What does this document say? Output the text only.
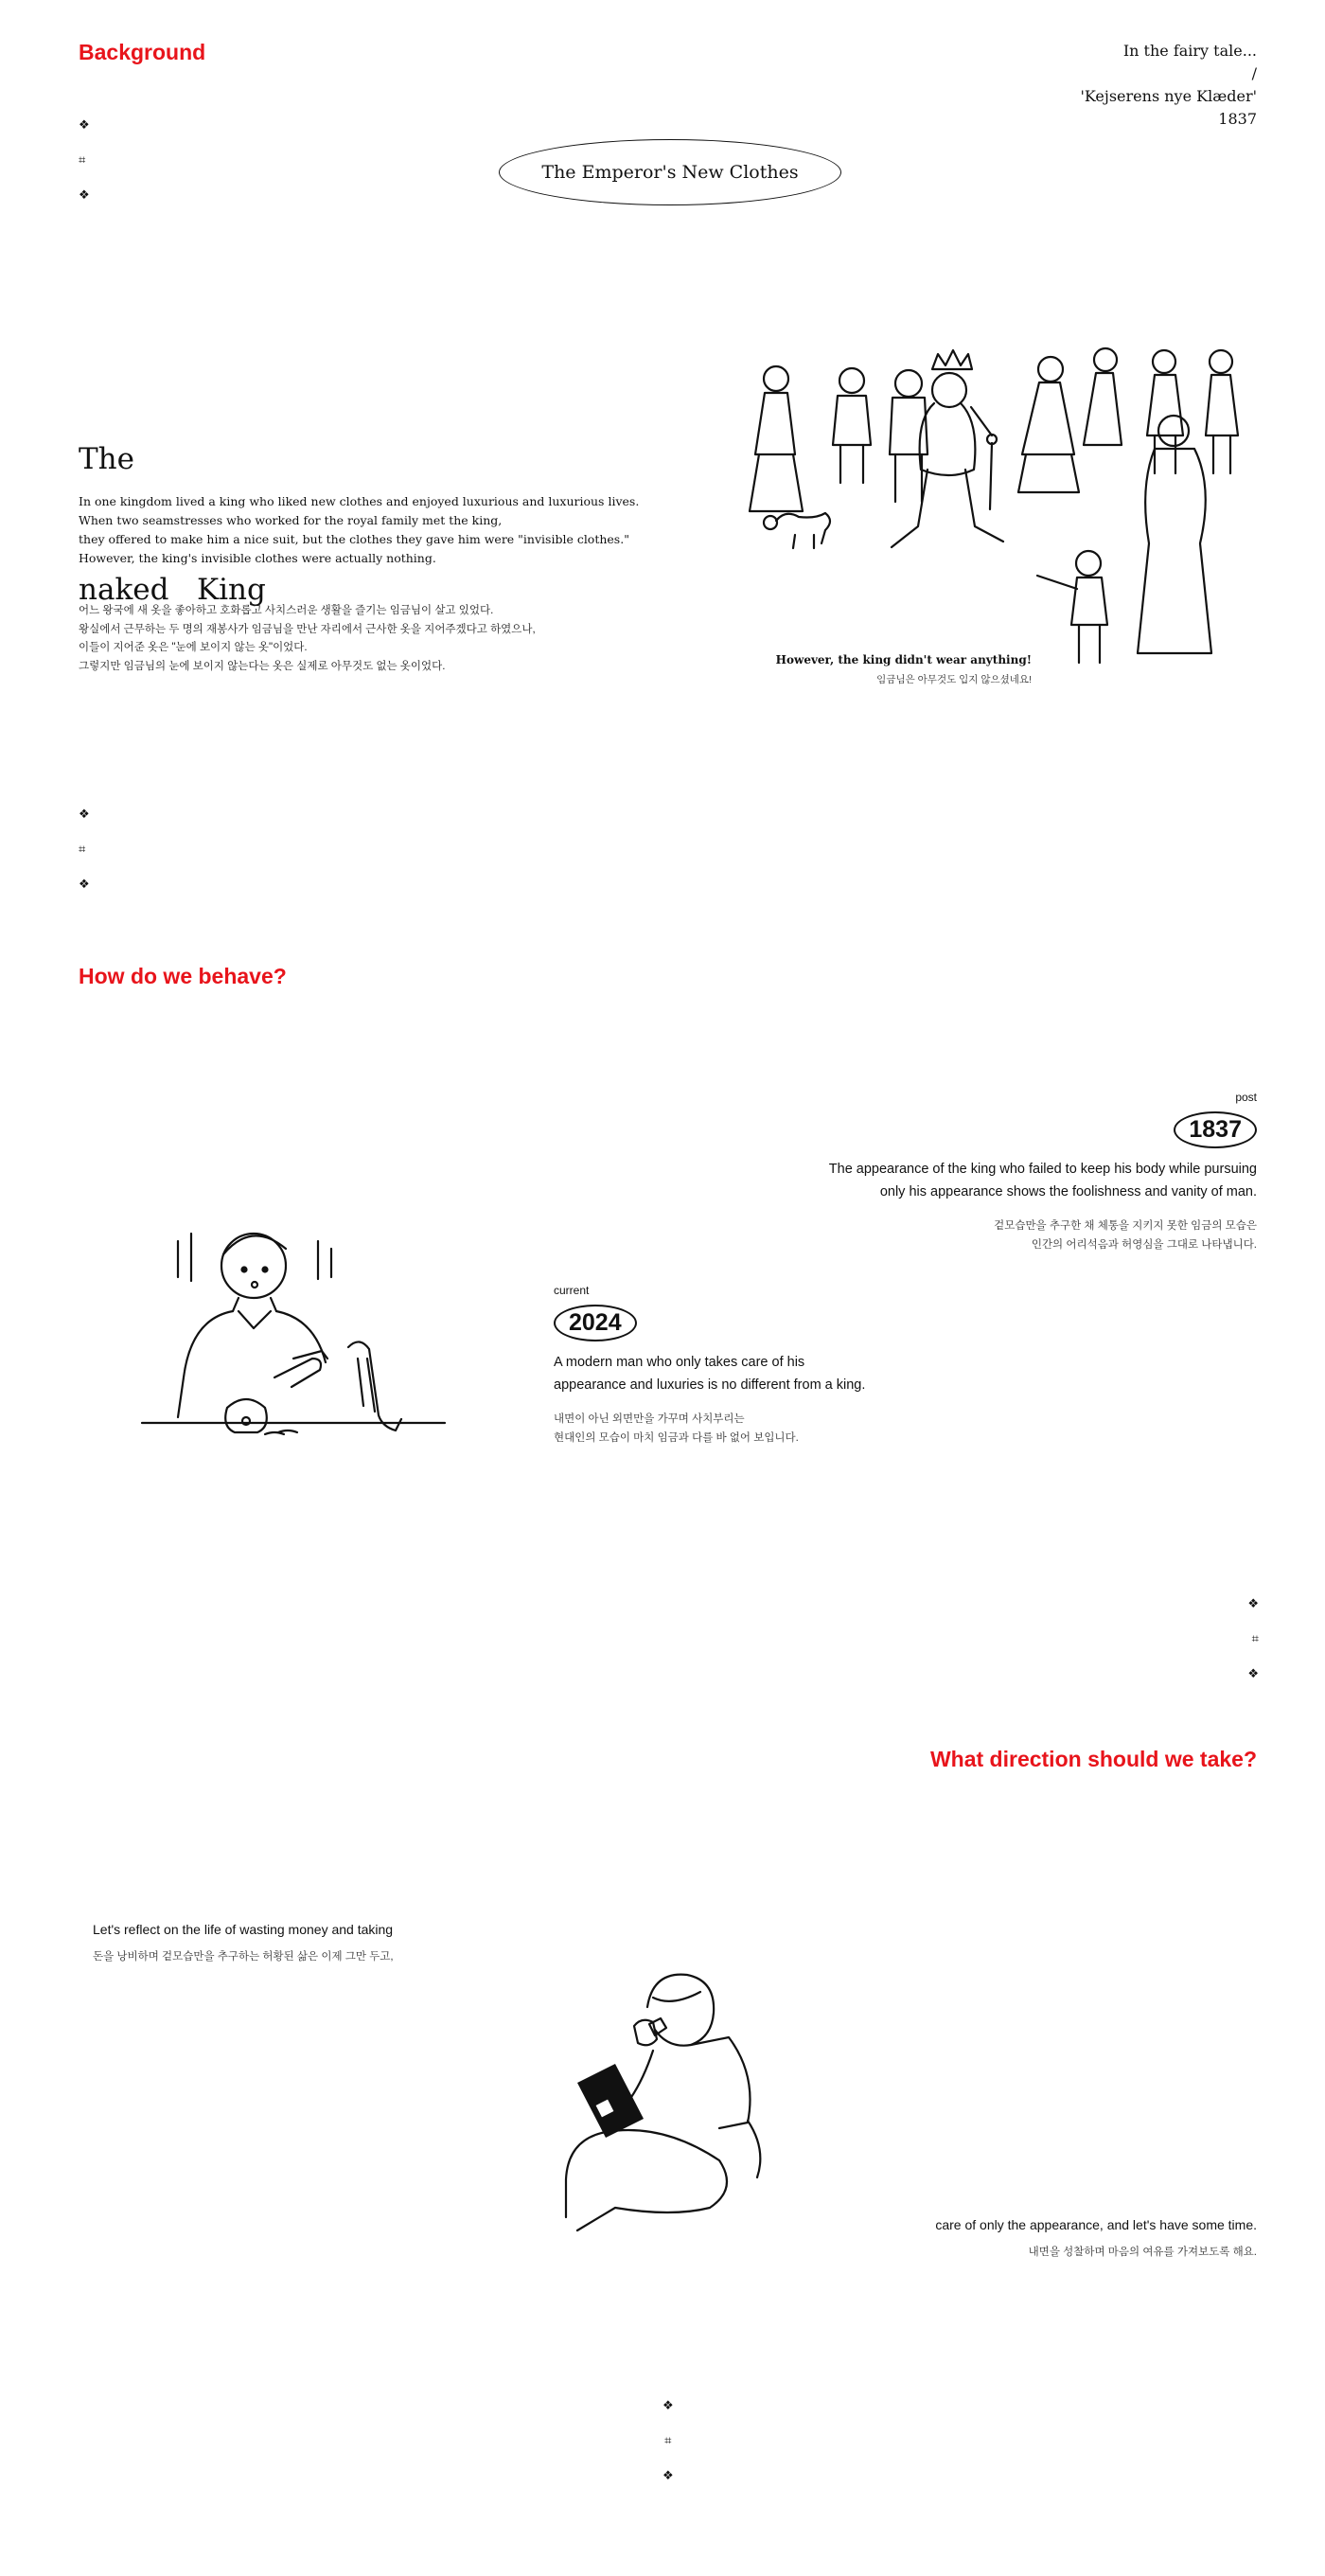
Background
❖
⌗
❖
In the fairy tale...
/
'Kejserens nye Klæder'
1837
The Emperor's New Clothes

The

naked   King

In one kingdom lived a king who liked new clothes and enjoyed luxurious and luxurious lives.

When two seamstresses who worked for the royal family met the king,

they offered to make him a nice suit, but the clothes they gave him were "invisible clothes."

However, the king's invisible clothes were actually nothing.

어느 왕국에 새 옷을 좋아하고 호화롭고 사치스러운 생활을 즐기는 임금님이 살고 있었다.

왕실에서 근무하는 두 명의 재봉사가 임금님을 만난 자리에서 근사한 옷을 지어주겠다고 하였으나,

이들이 지어준 옷은 "눈에 보이지 않는 옷"이었다.

그렇지만 임금님의 눈에 보이지 않는다는 옷은 실제로 아무것도 없는 옷이었다.	However, the king didn't wear anything!
임금님은 아무것도 입지 않으셨네요!
❖
⌗
❖
How do we behave?
post
1837
The appearance of the king who failed to keep his body while pursuing
only his appearance shows the foolishness and vanity of man.
겉모습만을 추구한 채 체통을 지키지 못한 임금의 모습은
인간의 어리석음과 허영심을 그대로 나타냅니다.
current
2024
A modern man who only takes care of his
appearance and luxuries is no different from a king.
내면이 아닌 외면만을 가꾸며 사치부리는
현대인의 모습이 마치 임금과 다를 바 없어 보입니다.
❖
⌗
❖
What direction should we take?
Let's reflect on the life of wasting money and taking
돈을 낭비하며 겉모습만을 추구하는 허황된 삶은 이제 그만 두고,
care of only the appearance, and let's have some time.
내면을 성찰하며 마음의 여유를 가져보도록 해요.
❖
⌗
❖
